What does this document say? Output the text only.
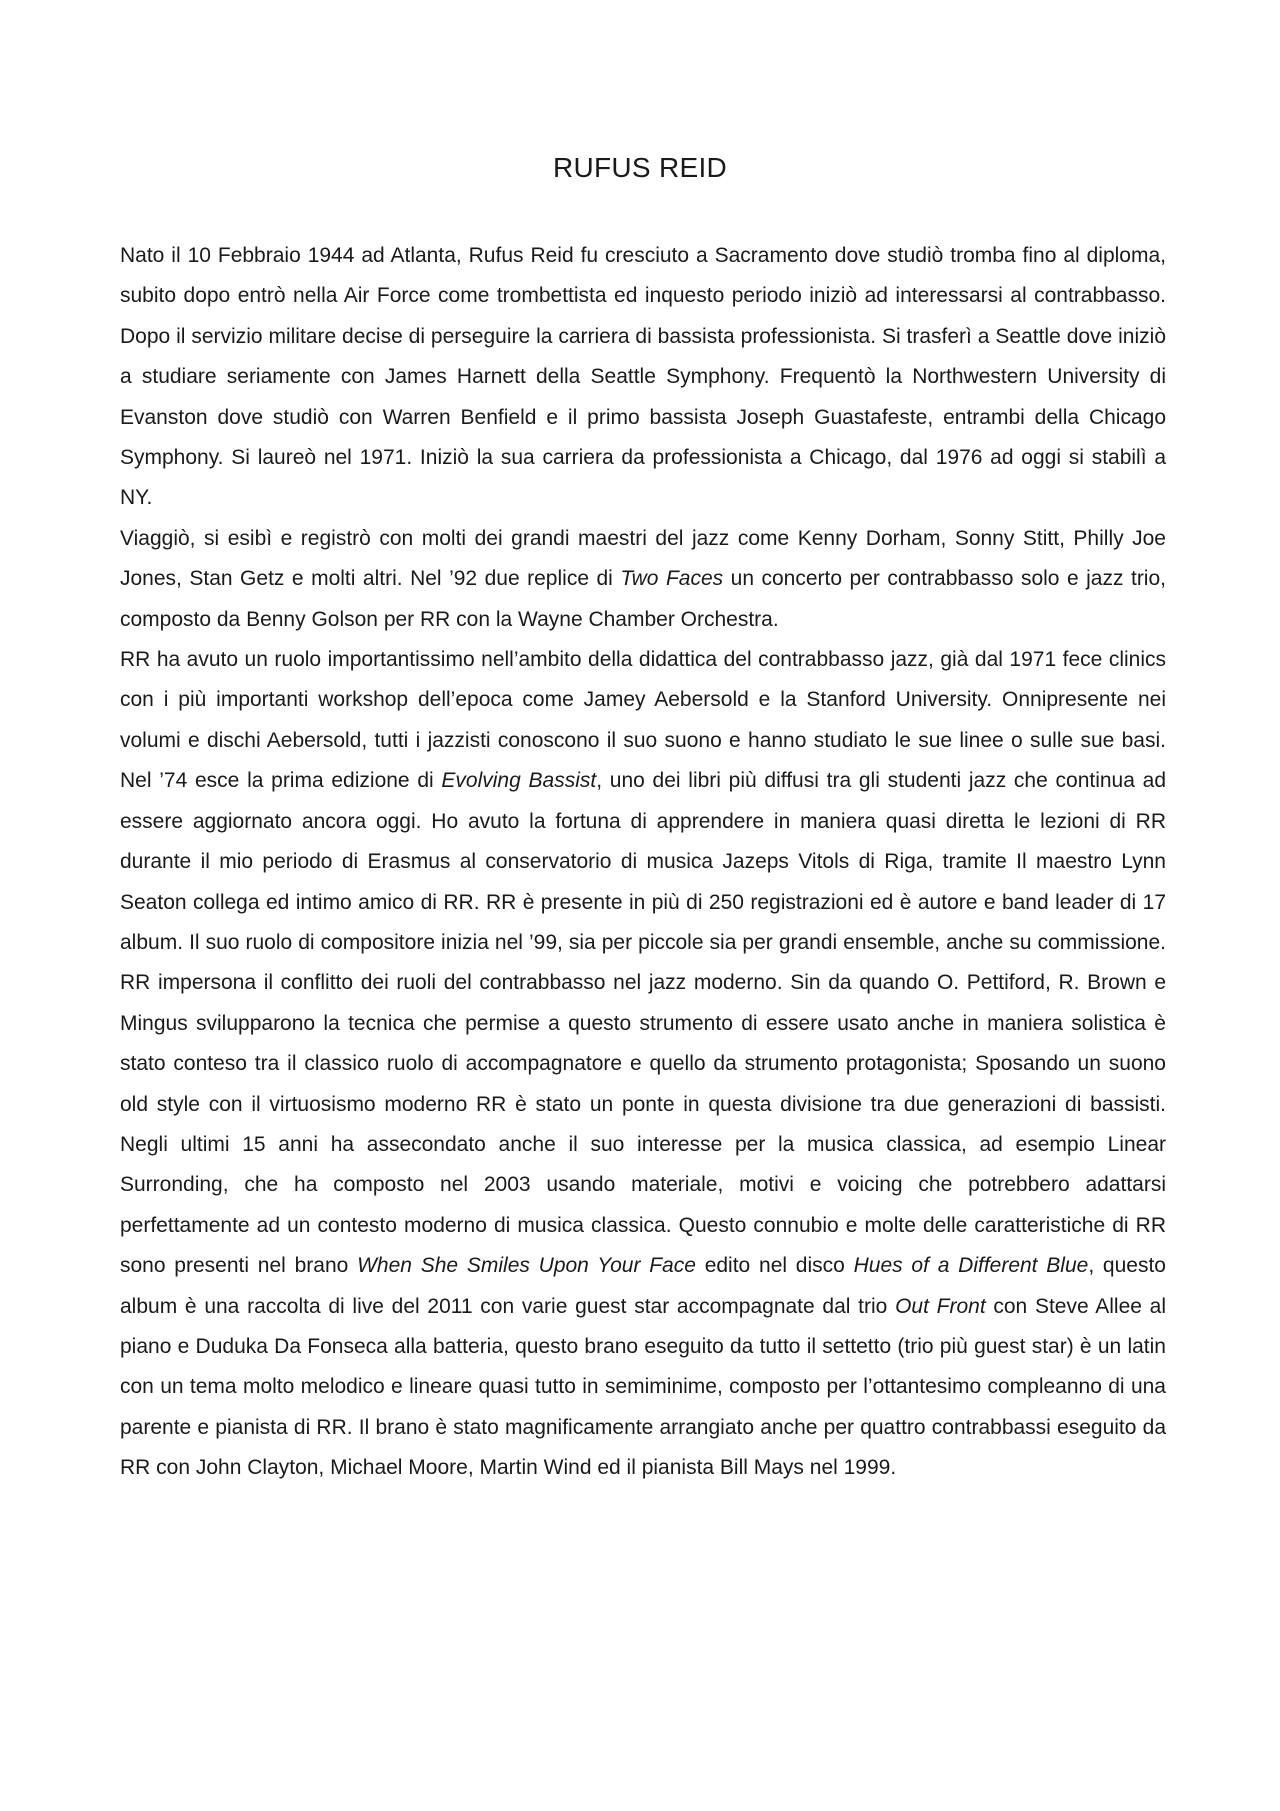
RUFUS REID

Nato il 10 Febbraio 1944 ad Atlanta, Rufus Reid fu cresciuto a Sacramento dove studiò tromba fino al diploma, subito dopo entrò nella Air Force come trombettista ed inquesto periodo iniziò ad interessarsi al contrabbasso. Dopo il servizio militare decise di perseguire la carriera di bassista professionista. Si trasferì a Seattle dove iniziò a studiare seriamente con James Harnett della Seattle Symphony. Frequentò la Northwestern University di Evanston dove studiò con Warren Benfield e il primo bassista Joseph Guastafeste, entrambi della Chicago Symphony. Si laureò nel 1971. Iniziò la sua carriera da professionista a Chicago, dal 1976 ad oggi si stabilì a NY.

Viaggiò, si esibì e registrò con molti dei grandi maestri del jazz come Kenny Dorham, Sonny Stitt, Philly Joe Jones, Stan Getz e molti altri. Nel ’92 due replice di Two Faces un concerto per contrabbasso solo e jazz trio, composto da Benny Golson per RR con la Wayne Chamber Orchestra.

RR ha avuto un ruolo importantissimo nell’ambito della didattica del contrabbasso jazz, già dal 1971 fece clinics con i più importanti workshop dell’epoca come Jamey Aebersold e la Stanford University. Onnipresente nei volumi e dischi Aebersold, tutti i jazzisti conoscono il suo suono e hanno studiato le sue linee o sulle sue basi. Nel ’74 esce la prima edizione di Evolving Bassist, uno dei libri più diffusi tra gli studenti jazz che continua ad essere aggiornato ancora oggi. Ho avuto la fortuna di apprendere in maniera quasi diretta le lezioni di RR durante il mio periodo di Erasmus al conservatorio di musica Jazeps Vitols di Riga, tramite Il maestro Lynn Seaton collega ed intimo amico di RR. RR è presente in più di 250 registrazioni ed è autore e band leader di 17 album. Il suo ruolo di compositore inizia nel ’99, sia per piccole sia per grandi ensemble, anche su commissione. RR impersona il conflitto dei ruoli del contrabbasso nel jazz moderno. Sin da quando O. Pettiford, R. Brown e Mingus svilupparono la tecnica che permise a questo strumento di essere usato anche in maniera solistica è stato conteso tra il classico ruolo di accompagnatore e quello da strumento protagonista; Sposando un suono old style con il virtuosismo moderno RR è stato un ponte in questa divisione tra due generazioni di bassisti. Negli ultimi 15 anni ha assecondato anche il suo interesse per la musica classica, ad esempio Linear Surronding, che ha composto nel 2003 usando materiale, motivi e voicing che potrebbero adattarsi perfettamente ad un contesto moderno di musica classica. Questo connubio e molte delle caratteristiche di RR sono presenti nel brano When She Smiles Upon Your Face edito nel disco Hues of a Different Blue, questo album è una raccolta di live del 2011 con varie guest star accompagnate dal trio Out Front con Steve Allee al piano e Duduka Da Fonseca alla batteria, questo brano eseguito da tutto il settetto (trio più guest star) è un latin con un tema molto melodico e lineare quasi tutto in semiminime, composto per l’ottantesimo compleanno di una parente e pianista di RR. Il brano è stato magnificamente arrangiato anche per quattro contrabbassi eseguito da RR con John Clayton, Michael Moore, Martin Wind ed il pianista Bill Mays nel 1999.
